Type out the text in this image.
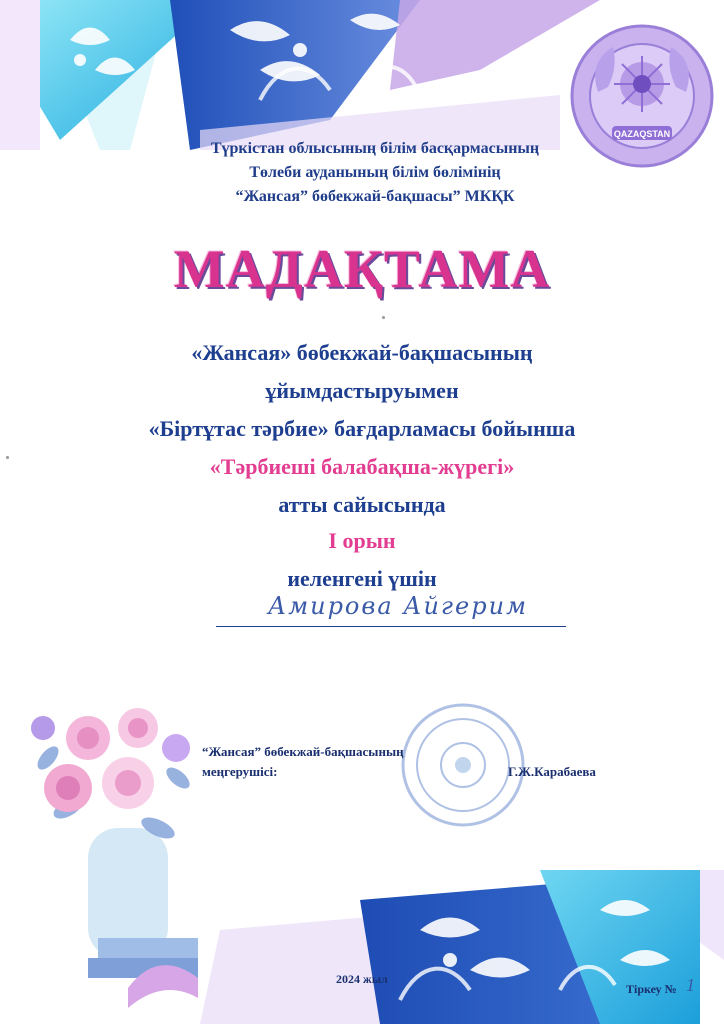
QAZAQSTAN
Түркістан облысының білім басқармасының
Төлеби ауданының білім бөлімінің
“Жансая” бөбекжай-бақшасы” МКҚК
МАДАҚТАМА
«Жансая» бөбекжай-бақшасының
ұйымдастыруымен
«Біртұтас тәрбие» бағдарламасы бойынша
«Тәрбиеші балабақша-жүрегі»
атты сайысында
І орын
иеленгені үшін
Амирова Айгерим
“Жансая” бөбекжай-бақшасының
меңгерушісі:	Г.Ж.Карабаева
2024 жыл
Тіркеу № 1
